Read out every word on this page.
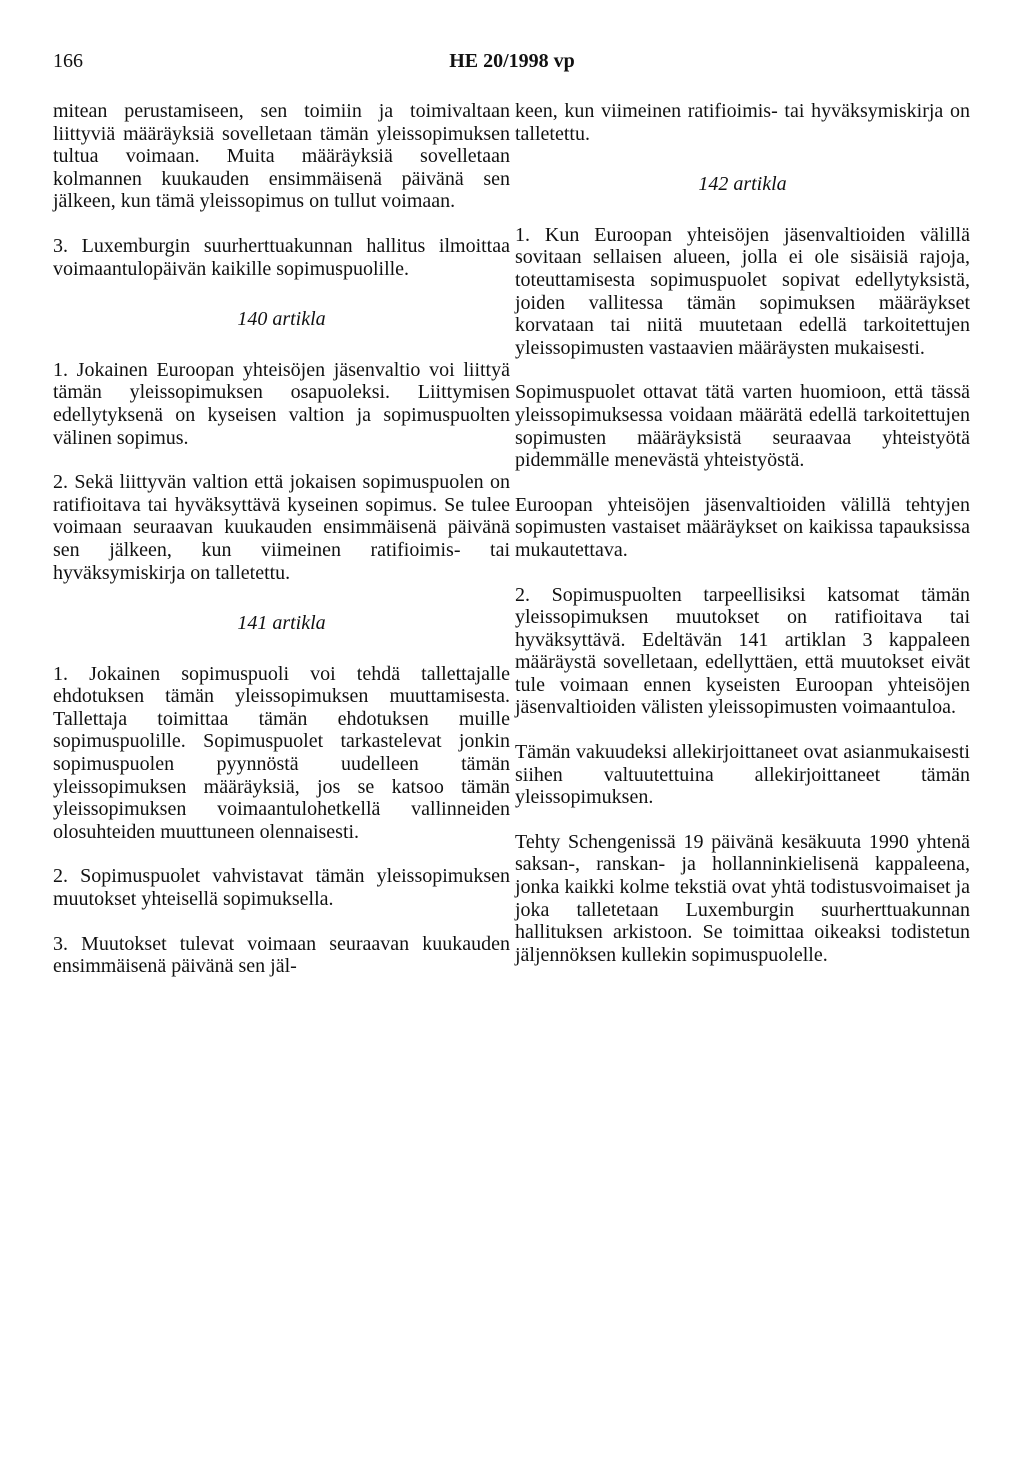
166	HE 20/1998 vp

mitean perustamiseen, sen toimiin ja toimivaltaan liittyviä määräyksiä sovelletaan tämän yleissopimuksen tultua voimaan. Muita määräyksiä sovelletaan kolmannen kuukauden ensimmäisenä päivänä sen jälkeen, kun tämä yleissopimus on tullut voimaan.

3. Luxemburgin suurherttuakunnan hallitus ilmoittaa voimaantulopäivän kaikille sopimuspuolille.

140 artikla

1. Jokainen Euroopan yhteisöjen jäsenvaltio voi liittyä tämän yleissopimuksen osapuoleksi. Liittymisen edellytyksenä on kyseisen valtion ja sopimuspuolten välinen sopimus.

2. Sekä liittyvän valtion että jokaisen sopimuspuolen on ratifioitava tai hyväksyttävä kyseinen sopimus. Se tulee voimaan seuraavan kuukauden ensimmäisenä päivänä sen jälkeen, kun viimeinen ratifioimis- tai hyväksymiskirja on talletettu.

141 artikla

1. Jokainen sopimuspuoli voi tehdä tallettajalle ehdotuksen tämän yleissopimuksen muuttamisesta. Tallettaja toimittaa tämän ehdotuksen muille sopimuspuolille. Sopimuspuolet tarkastelevat jonkin sopimuspuolen pyynnöstä uudelleen tämän yleissopimuksen määräyksiä, jos se katsoo tämän yleissopimuksen voimaantulohetkellä vallinneiden olosuhteiden muuttuneen olennaisesti.

2. Sopimuspuolet vahvistavat tämän yleissopimuksen muutokset yhteisellä sopimuksella.

3. Muutokset tulevat voimaan seuraavan kuukauden ensimmäisenä päivänä sen jäl-

keen, kun viimeinen ratifioimis- tai hyväksymiskirja on talletettu.

142 artikla

1. Kun Euroopan yhteisöjen jäsenvaltioiden välillä sovitaan sellaisen alueen, jolla ei ole sisäisiä rajoja, toteuttamisesta sopimuspuolet sopivat edellytyksistä, joiden vallitessa tämän sopimuksen määräykset korvataan tai niitä muutetaan edellä tarkoitettujen yleissopimusten vastaavien määräysten mukaisesti.

Sopimuspuolet ottavat tätä varten huomioon, että tässä yleissopimuksessa voidaan määrätä edellä tarkoitettujen sopimusten määräyksistä seuraavaa yhteistyötä pidemmälle menevästä yhteistyöstä.

Euroopan yhteisöjen jäsenvaltioiden välillä tehtyjen sopimusten vastaiset määräykset on kaikissa tapauksissa mukautettava.

2. Sopimuspuolten tarpeellisiksi katsomat tämän yleissopimuksen muutokset on ratifioitava tai hyväksyttävä. Edeltävän 141 artiklan 3 kappaleen määräystä sovelletaan, edellyttäen, että muutokset eivät tule voimaan ennen kyseisten Euroopan yhteisöjen jäsenvaltioiden välisten yleissopimusten voimaantuloa.

Tämän vakuudeksi allekirjoittaneet ovat asianmukaisesti siihen valtuutettuina allekirjoittaneet tämän yleissopimuksen.

Tehty Schengenissä 19 päivänä kesäkuuta 1990 yhtenä saksan-, ranskan- ja hollanninkielisenä kappaleena, jonka kaikki kolme tekstiä ovat yhtä todistusvoimaiset ja joka talletetaan Luxemburgin suurherttuakunnan hallituksen arkistoon. Se toimittaa oikeaksi todistetun jäljennöksen kullekin sopimuspuolelle.
